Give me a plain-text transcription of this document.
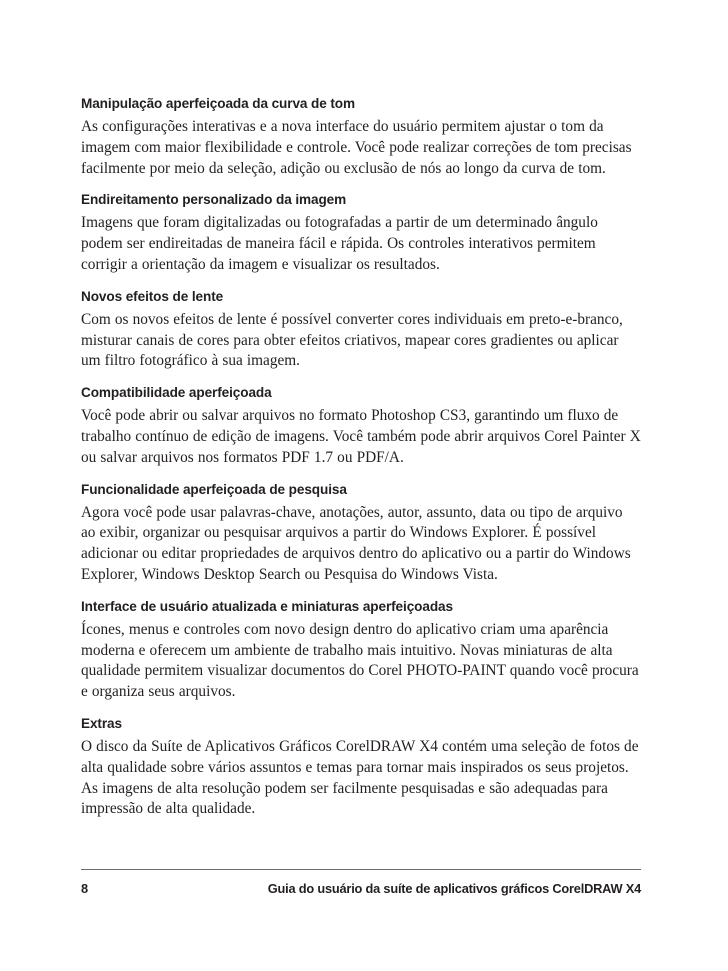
Manipulação aperfeiçoada da curva de tom

As configurações interativas e a nova interface do usuário permitem ajustar o tom da imagem com maior flexibilidade e controle. Você pode realizar correções de tom precisas facilmente por meio da seleção, adição ou exclusão de nós ao longo da curva de tom.

Endireitamento personalizado da imagem

Imagens que foram digitalizadas ou fotografadas a partir de um determinado ângulo podem ser endireitadas de maneira fácil e rápida. Os controles interativos permitem corrigir a orientação da imagem e visualizar os resultados.

Novos efeitos de lente

Com os novos efeitos de lente é possível converter cores individuais em preto-e-branco, misturar canais de cores para obter efeitos criativos, mapear cores gradientes ou aplicar um filtro fotográfico à sua imagem.

Compatibilidade aperfeiçoada

Você pode abrir ou salvar arquivos no formato Photoshop CS3, garantindo um fluxo de trabalho contínuo de edição de imagens. Você também pode abrir arquivos Corel Painter X ou salvar arquivos nos formatos PDF 1.7 ou PDF/A.

Funcionalidade aperfeiçoada de pesquisa

Agora você pode usar palavras-chave, anotações, autor, assunto, data ou tipo de arquivo ao exibir, organizar ou pesquisar arquivos a partir do Windows Explorer. É possível adicionar ou editar propriedades de arquivos dentro do aplicativo ou a partir do Windows Explorer, Windows Desktop Search ou Pesquisa do Windows Vista.

Interface de usuário atualizada e miniaturas aperfeiçoadas

Ícones, menus e controles com novo design dentro do aplicativo criam uma aparência moderna e oferecem um ambiente de trabalho mais intuitivo. Novas miniaturas de alta qualidade permitem visualizar documentos do Corel PHOTO-PAINT quando você procura e organiza seus arquivos.

Extras

O disco da Suíte de Aplicativos Gráficos CorelDRAW X4 contém uma seleção de fotos de alta qualidade sobre vários assuntos e temas para tornar mais inspirados os seus projetos. As imagens de alta resolução podem ser facilmente pesquisadas e são adequadas para impressão de alta qualidade.

8	Guia do usuário da suíte de aplicativos gráficos CorelDRAW X4
